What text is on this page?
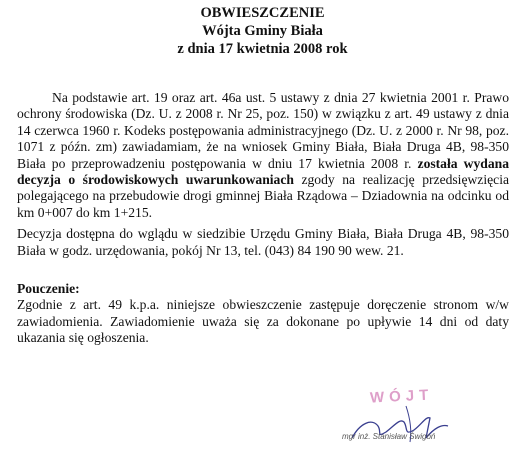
OBWIESZCZENIE
Wójta Gminy Biała
z dnia 17 kwietnia 2008 rok

Na podstawie art. 19 oraz art. 46a ust. 5 ustawy z dnia 27 kwietnia 2001 r. Prawo ochrony środowiska (Dz. U. z 2008 r. Nr 25, poz. 150) w związku z art. 49 ustawy z dnia 14 czerwca 1960 r. Kodeks postępowania administracyjnego (Dz. U. z 2000 r. Nr 98, poz. 1071 z późn. zm) zawiadamiam, że na wniosek Gminy Biała, Biała Druga 4B, 98-350 Biała po przeprowadzeniu postępowania w dniu 17 kwietnia 2008 r. została wydana decyzja o środowiskowych uwarunkowaniach zgody na realizację przedsięwzięcia polegającego na przebudowie drogi gminnej Biała Rządowa – Dziadownia na odcinku od km 0+007 do km 1+215.

Decyzja dostępna do wglądu w siedzibie Urzędu Gminy Biała, Biała Druga 4B, 98-350 Biała w godz. urzędowania, pokój Nr 13, tel. (043) 84 190 90 wew. 21.

Pouczenie:

Zgodnie z art. 49 k.p.a. niniejsze obwieszczenie zastępuje doręczenie stronom w/w zawiadomienia. Zawiadomienie uważa się za dokonane po upływie 14 dni od daty ukazania się ogłoszenia.

WÓJT
mgr inż. Stanisław Świgoń
